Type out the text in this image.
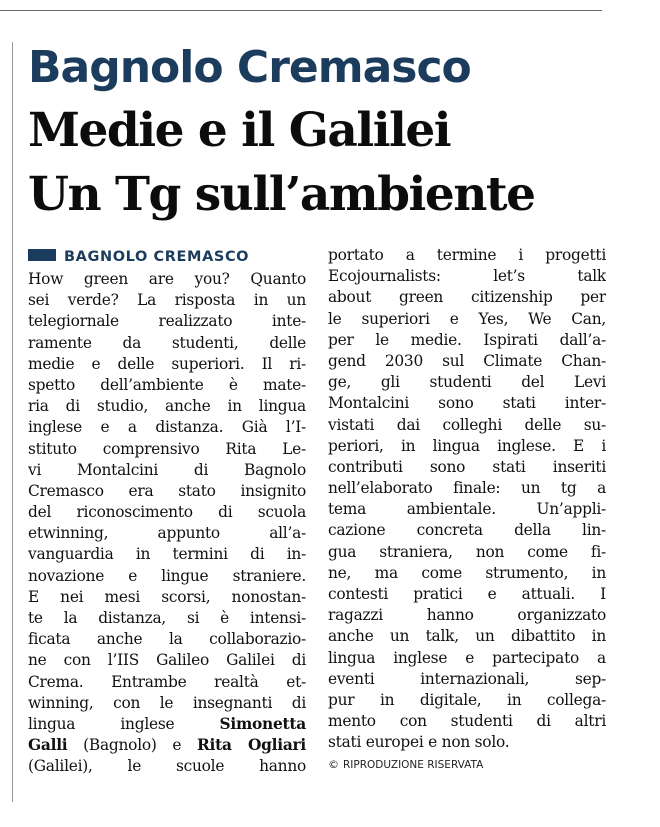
Bagnolo Cremasco
Medie e il Galilei
Un Tg sull’ambiente
BAGNOLO CREMASCO
How green are you? Quanto
sei verde? La risposta in un
telegiornale realizzato inte-
ramente da studenti, delle
medie e delle superiori. Il ri-
spetto dell’ambiente è mate-
ria di studio, anche in lingua
inglese e a distanza. Già l’I-
stituto comprensivo Rita Le-
vi Montalcini di Bagnolo
Cremasco era stato insignito
del riconoscimento di scuola
etwinning, appunto all’a-
vanguardia in termini di in-
novazione e lingue straniere.
E nei mesi scorsi, nonostan-
te la distanza, si è intensi-
ficata anche la collaborazio-
ne con l’IIS Galileo Galilei di
Crema. Entrambe realtà et-
winning, con le insegnanti di
lingua inglese	Simonetta
Galli (Bagnolo) e Rita Ogliari
(Galilei), le scuole hanno
portato a termine i progetti
Ecojournalists: let’s talk
about green citizenship per
le superiori e Yes, We Can,
per le medie. Ispirati dall’a-
gend 2030 sul Climate Chan-
ge, gli studenti del Levi
Montalcini sono stati inter-
vistati dai colleghi delle su-
periori, in lingua inglese. E i
contributi sono stati inseriti
nell’elaborato finale: un tg a
tema ambientale. Un’appli-
cazione concreta della lin-
gua straniera, non come fi-
ne, ma come strumento, in
contesti pratici e attuali. I
ragazzi hanno organizzato
anche un talk, un dibattito in
lingua inglese e partecipato a
eventi internazionali, sep-
pur in digitale, in collega-
mento con studenti di altri
stati europei e non solo.
© RIPRODUZIONE RISERVATA
